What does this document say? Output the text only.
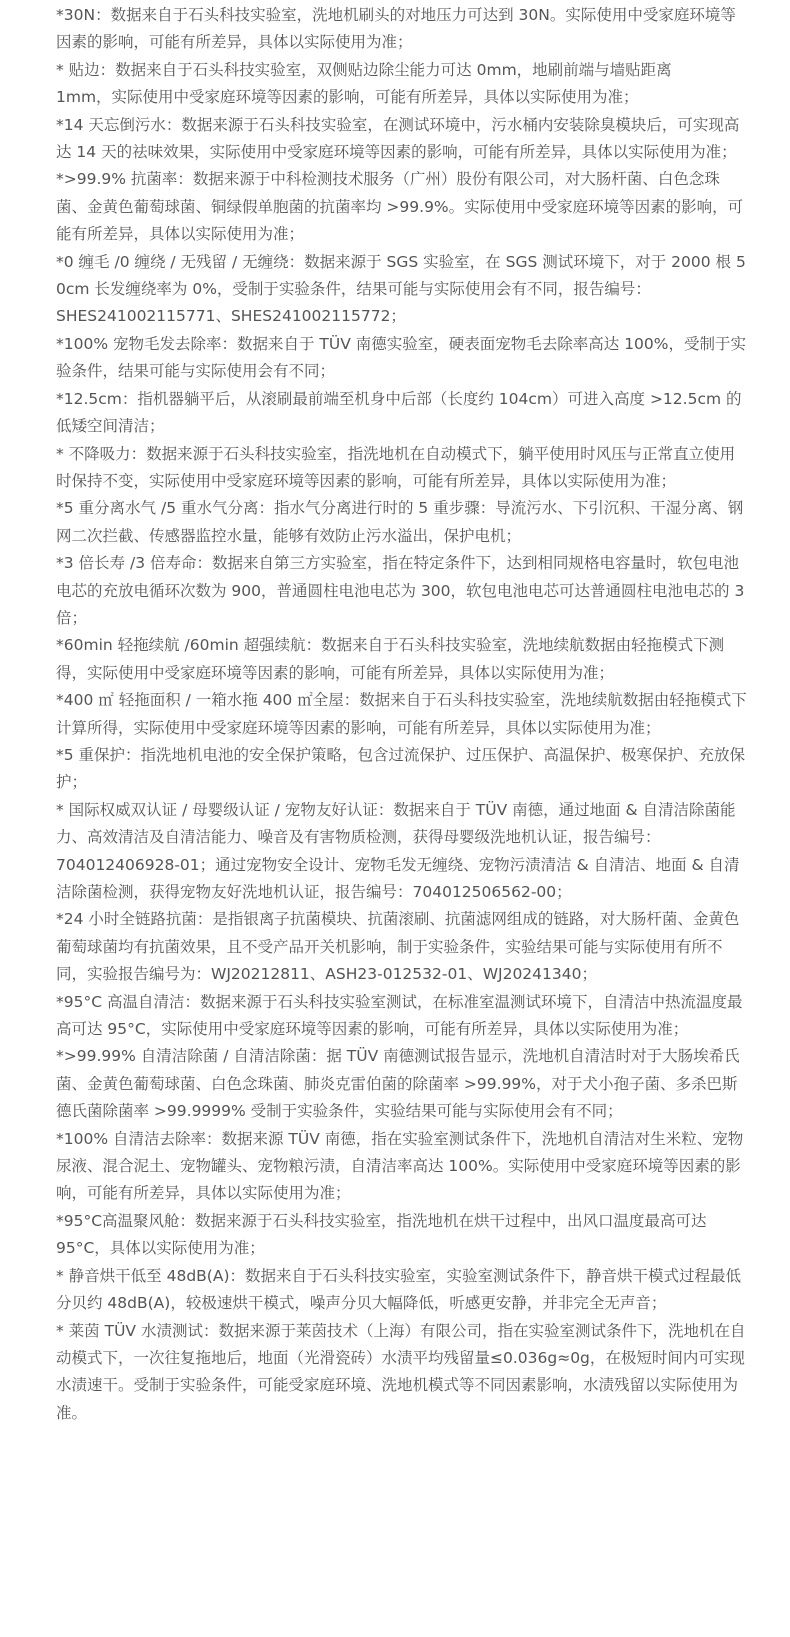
*30N：数据来自于石头科技实验室，洗地机刷头的对地压力可达到 30N。实际使用中受家庭环境等因素的影响，可能有所差异，具体以实际使用为准；

* 贴边：数据来自于石头科技实验室，双侧贴边除尘能力可达 0mm，地刷前端与墙贴距离
1mm，实际使用中受家庭环境等因素的影响，可能有所差异，具体以实际使用为准；

*14 天忘倒污水：数据来源于石头科技实验室，在测试环境中，污水桶内安装除臭模块后，可实现高达 14 天的祛味效果，实际使用中受家庭环境等因素的影响，可能有所差异，具体以实际使用为准；

*>99.9% 抗菌率：数据来源于中科检测技术服务（广州）股份有限公司，对大肠杆菌、白色念珠菌、金黄色葡萄球菌、铜绿假单胞菌的抗菌率均 >99.9%。实际使用中受家庭环境等因素的影响，可能有所差异，具体以实际使用为准；

*0 缠毛 /0 缠绕 / 无残留 / 无缠绕：数据来源于 SGS 实验室，在 SGS 测试环境下，对于 2000 根 50cm 长发缠绕率为 0%，受制于实验条件，结果可能与实际使用会有不同，报告编号：
SHES241002115771、SHES241002115772；

*100% 宠物毛发去除率：数据来自于 TÜV 南德实验室，硬表面宠物毛去除率高达 100%，受制于实验条件，结果可能与实际使用会有不同；

*12.5cm：指机器躺平后，从滚刷最前端至机身中后部（长度约 104cm）可进入高度 >12.5cm 的低矮空间清洁；

* 不降吸力：数据来源于石头科技实验室，指洗地机在自动模式下，躺平使用时风压与正常直立使用时保持不变，实际使用中受家庭环境等因素的影响，可能有所差异，具体以实际使用为准；

*5 重分离水气 /5 重水气分离：指水气分离进行时的 5 重步骤：导流污水、下引沉积、干湿分离、钢网二次拦截、传感器监控水量，能够有效防止污水溢出，保护电机；

*3 倍长寿 /3 倍寿命：数据来自第三方实验室，指在特定条件下，达到相同规格电容量时，软包电池电芯的充放电循环次数为 900，普通圆柱电池电芯为 300，软包电池电芯可达普通圆柱电池电芯的 3 倍；

*60min 轻拖续航 /60min 超强续航：数据来自于石头科技实验室，洗地续航数据由轻拖模式下测得，实际使用中受家庭环境等因素的影响，可能有所差异，具体以实际使用为准；

*400 ㎡ 轻拖面积 / 一箱水拖 400 ㎡全屋：数据来自于石头科技实验室，洗地续航数据由轻拖模式下计算所得，实际使用中受家庭环境等因素的影响，可能有所差异，具体以实际使用为准；

*5 重保护：指洗地机电池的安全保护策略，包含过流保护、过压保护、高温保护、极寒保护、充放保护；

* 国际权威双认证 / 母婴级认证 / 宠物友好认证：数据来自于 TÜV 南德，通过地面 & 自清洁除菌能力、高效清洁及自清洁能力、噪音及有害物质检测，获得母婴级洗地机认证，报告编号：
704012406928-01；通过宠物安全设计、宠物毛发无缠绕、宠物污渍清洁 & 自清洁、地面 & 自清洁除菌检测，获得宠物友好洗地机认证，报告编号：704012506562-00；

*24 小时全链路抗菌：是指银离子抗菌模块、抗菌滚刷、抗菌滤网组成的链路，对大肠杆菌、金黄色葡萄球菌均有抗菌效果，且不受产品开关机影响，制于实验条件，实验结果可能与实际使用有所不同，实验报告编号为：WJ20212811、ASH23-012532-01、WJ20241340；

*95°C 高温自清洁：数据来源于石头科技实验室测试，在标准室温测试环境下，自清洁中热流温度最高可达 95°C，实际使用中受家庭环境等因素的影响，可能有所差异，具体以实际使用为准；

*>99.99% 自清洁除菌 / 自清洁除菌：据 TÜV 南德测试报告显示，洗地机自清洁时对于大肠埃希氏菌、金黄色葡萄球菌、白色念珠菌、肺炎克雷伯菌的除菌率 >99.99%，对于犬小孢子菌、多杀巴斯德氏菌除菌率 >99.9999% 受制于实验条件，实验结果可能与实际使用会有不同；

*100% 自清洁去除率：数据来源 TÜV 南德，指在实验室测试条件下，洗地机自清洁对生米粒、宠物尿液、混合泥土、宠物罐头、宠物粮污渍，自清洁率高达 100%。实际使用中受家庭环境等因素的影响，可能有所差异，具体以实际使用为准；

*95°C高温聚风舱：数据来源于石头科技实验室，指洗地机在烘干过程中，出风口温度最高可达
95°C，具体以实际使用为准；

* 静音烘干低至 48dB(A)：数据来自于石头科技实验室，实验室测试条件下，静音烘干模式过程最低分贝约 48dB(A)，较极速烘干模式，噪声分贝大幅降低，听感更安静，并非完全无声音；

* 莱茵 TÜV 水渍测试：数据来源于莱茵技术（上海）有限公司，指在实验室测试条件下，洗地机在自动模式下，一次往复拖地后，地面（光滑瓷砖）水渍平均残留量≤0.036g≈0g，在极短时间内可实现水渍速干。受制于实验条件，可能受家庭环境、洗地机模式等不同因素影响，水渍残留以实际使用为准。
